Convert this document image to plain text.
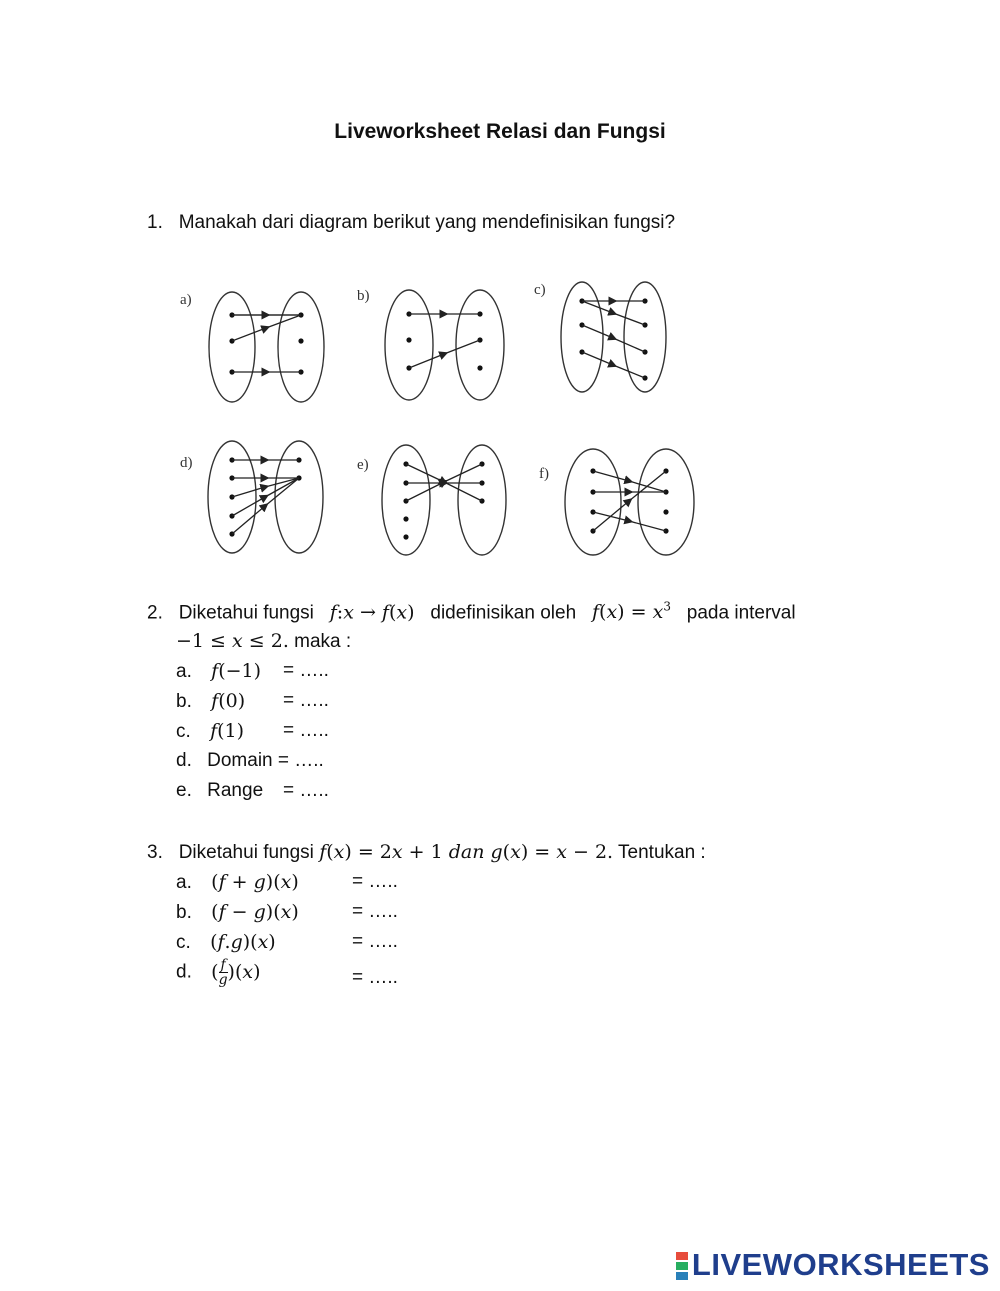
Liveworksheet Relasi dan Fungsi
1. Manakah dari diagram berikut yang mendefinisikan fungsi?
a)	b)	c)
d)	e)
f)
2. Diketahui fungsi f:x → f(x) didefinisikan oleh $f(x) = x^3$ pada interval
−1 ≤ x ≤ 2. maka :
a. f(−1) = …..
b. f(0) = …..
c. f(1) = …..
d. Domain = …..
e. Range = …..
3. Diketahui fungsi f(x) = 2x + 1 dan g(x) = x − 2. Tentukan :
a. (f + g)(x)	= …..
b. (f − g)(x)	= …..
c. (f.g)(x)	= …..
d. ( $\frac{f}{g} )(x)$	= …..
LIVEWORKSHEETS
